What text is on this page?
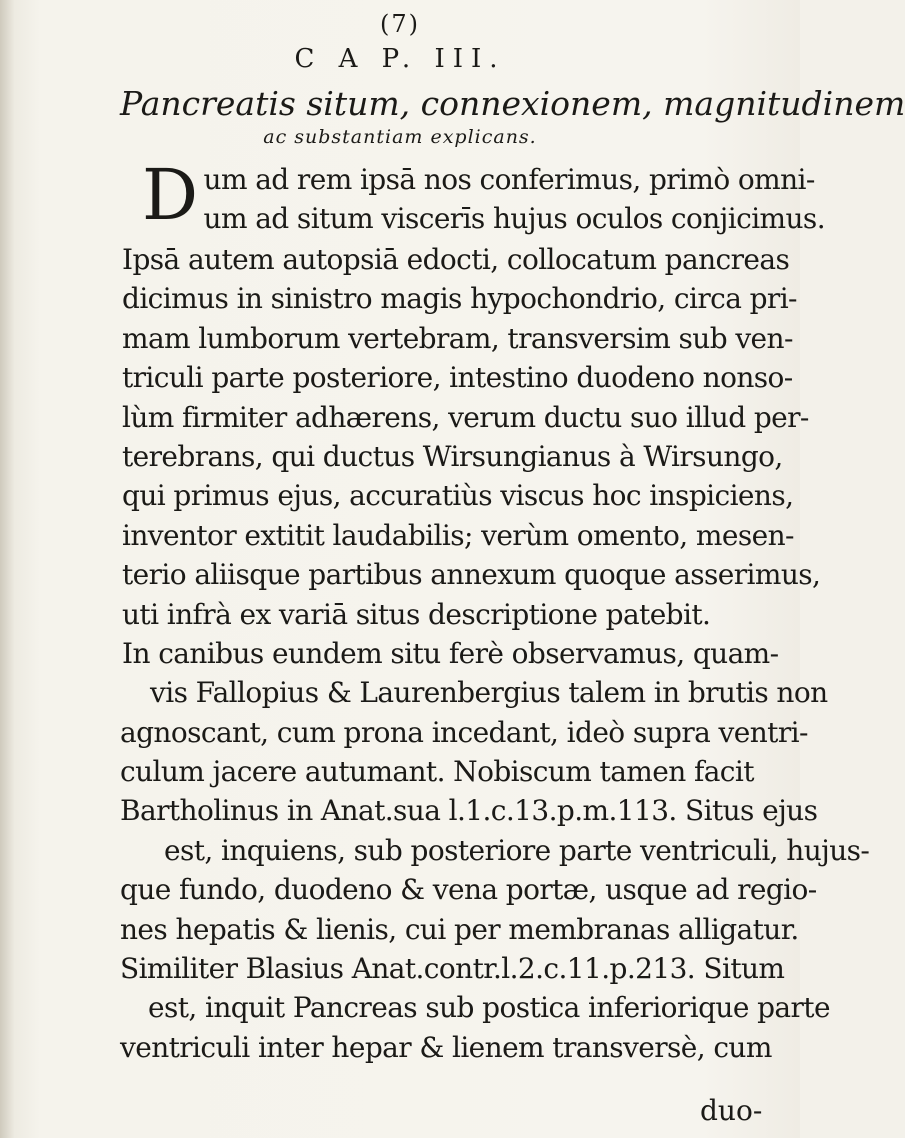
(7)
C A P. III.
Pancreatis situm, connexionem, magnitudinem
ac substantiam explicans.
D um ad rem ipsā nos conferimus, primò omni-
um ad situm viscerīs hujus oculos conjicimus.
Ipsā autem autopsiā edocti, collocatum pancreas
dicimus in sinistro magis hypochondrio, circa pri-
mam lumborum vertebram, transversim sub ven-
triculi parte posteriore, intestino duodeno nonso-
lùm firmiter adhærens, verum ductu suo illud per-
terebrans, qui ductus Wirsungianus à Wirsungo,
qui primus ejus, accuratiùs viscus hoc inspiciens,
inventor extitit laudabilis; verùm omento, mesen-
terio aliisque partibus annexum quoque asserimus,
uti infrà ex variā situs descriptione patebit.
In canibus eundem situ ferè observamus, quam-
vis Fallopius & Laurenbergius talem in brutis non
agnoscant, cum prona incedant, ideò supra ventri-
culum jacere autumant. Nobiscum tamen facit
Bartholinus in Anat.sua l.1.c.13.p.m.113. Situs ejus
est, inquiens, sub posteriore parte ventriculi, hujus-
que fundo, duodeno & vena portæ, usque ad regio-
nes hepatis & lienis, cui per membranas alligatur.
Similiter Blasius Anat.contr.l.2.c.11.p.213. Situm
est, inquit Pancreas sub postica inferiorique parte
ventriculi inter hepar & lienem transversè, cum
duo-
